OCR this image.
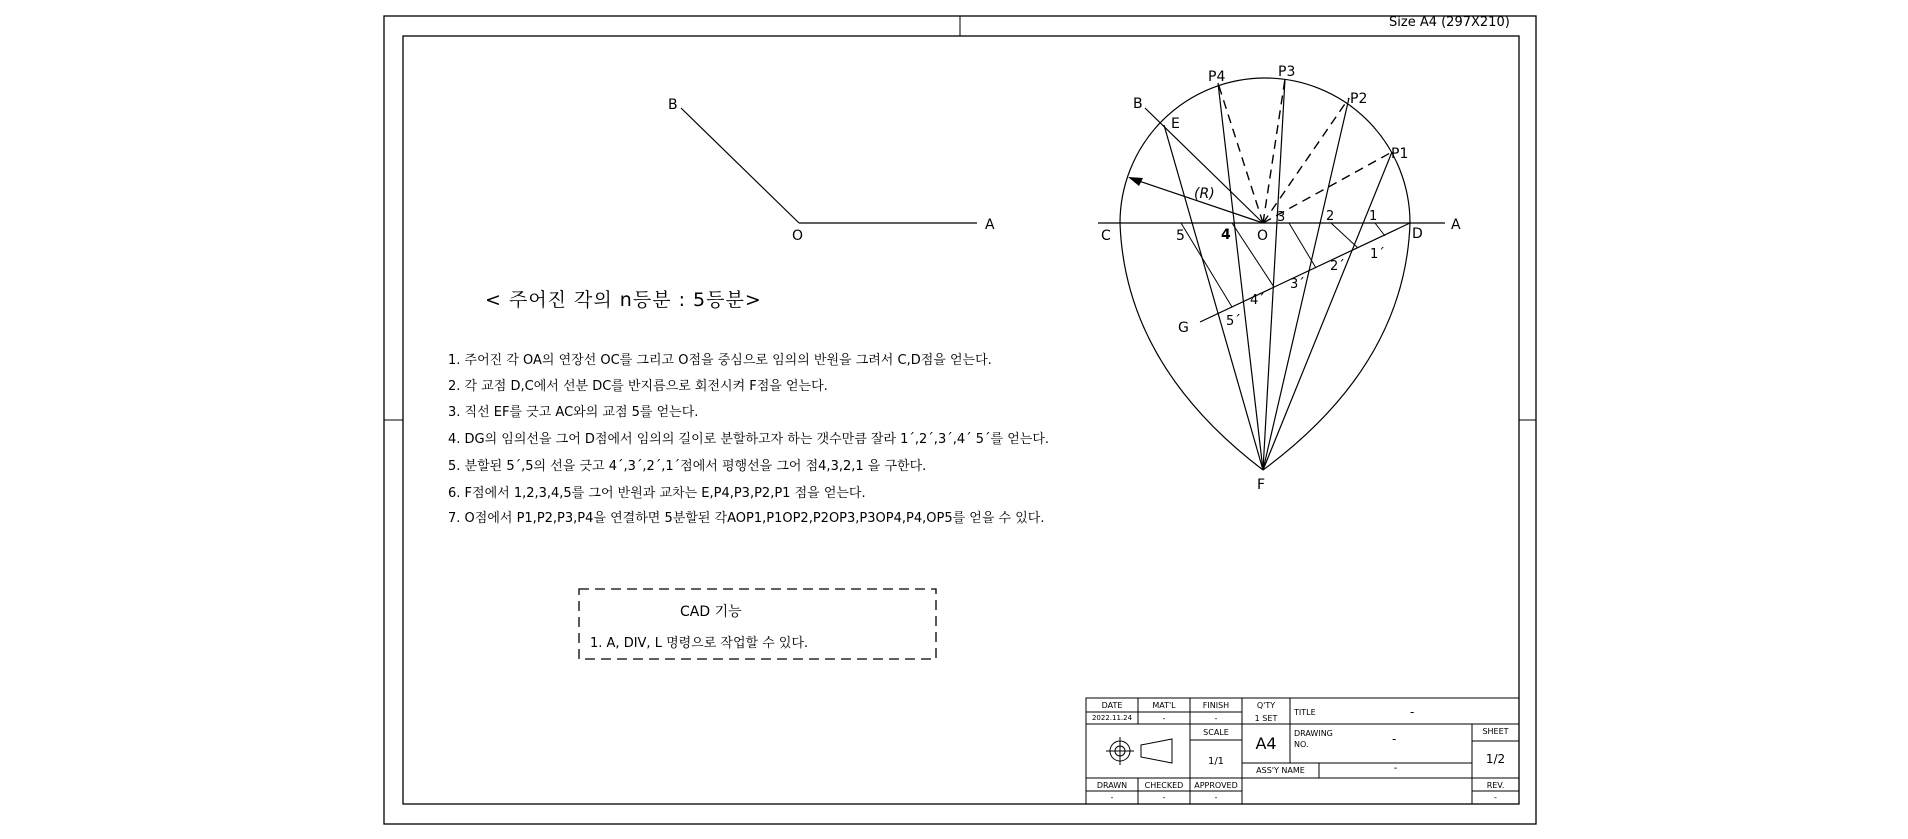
B
O
A
P4	P3
P2
P1
B
E
(R)
C	5	4 O
3	2	1
D
A
1´
2´
3´
4´
5´
G
F
Size A4 (297X210)
< 주어진 각의 n등분 : 5등분>
1. 주어진 각 OA의 연장선 OC를 그리고 O점을 중심으로 임의의 반원을 그려서 C,D점을 얻는다.
2. 각 교점 D,C에서 선분 DC를 반지름으로 회전시켜 F점을 얻는다.
3. 직선 EF를 긋고 AC와의 교점 5를 얻는다.
4. DG의 임의선을 그어 D점에서 임의의 길이로 분할하고자 하는 갯수만큼 잘라 1´,2´,3´,4´ 5´를 얻는다.
5. 분할된 5´,5의 선을 긋고 4´,3´,2´,1´점에서 평행선을 그어 점4,3,2,1 을 구한다.
6. F점에서 1,2,3,4,5를 그어 반원과 교차는 E,P4,P3,P2,P1 점을 얻는다.
7. O점에서 P1,P2,P3,P4을 연결하면 5분할된 각AOP1,P1OP2,P2OP3,P3OP4,P4,OP5를 얻을 수 있다.
CAD 기능
1. A, DIV, L 명령으로 작업할 수 있다.
DATE
2022.11.24
MAT'L
-
FINISH
-
Q'TY
1 SET
TITLE	-
SCALE
1/1
A4
DRAWING NO.	-
SHEET
1/2
ASS'Y NAME	-
DRAWN
-
CHECKED
-
APPROVED
-
REV.
-
